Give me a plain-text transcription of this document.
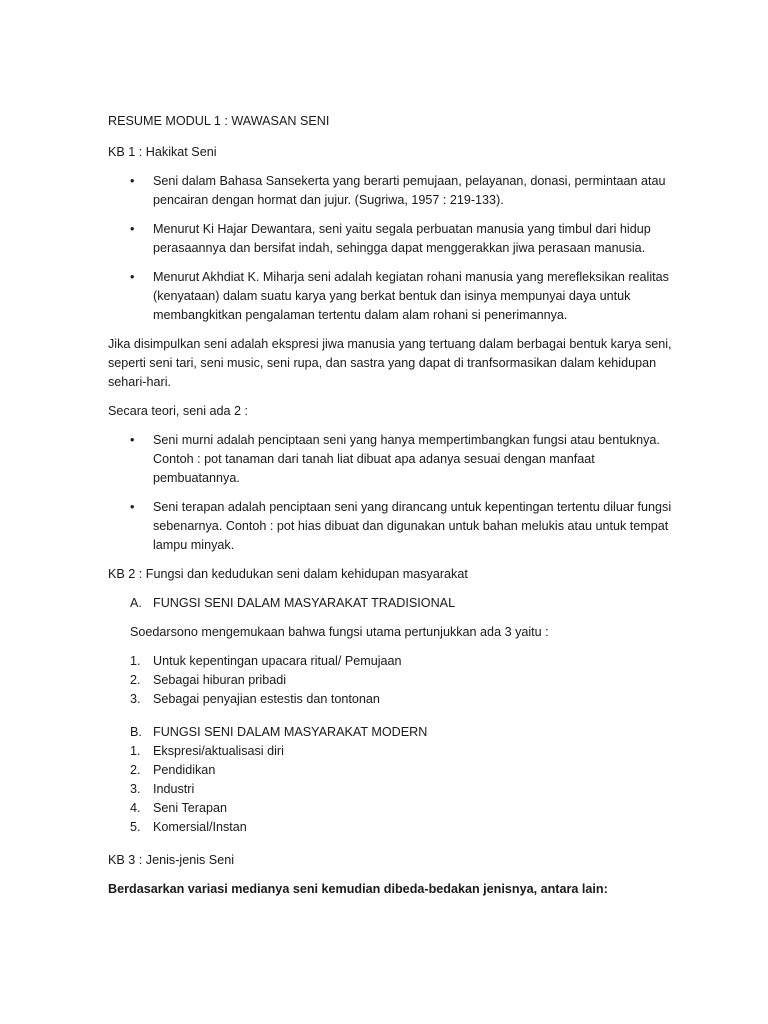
RESUME MODUL 1 : WAWASAN SENI

KB 1 : Hakikat Seni

• Seni dalam Bahasa Sansekerta yang berarti pemujaan, pelayanan, donasi, permintaan atau pencairan dengan hormat dan jujur. (Sugriwa, 1957 : 219-133).
• Menurut Ki Hajar Dewantara, seni yaitu segala perbuatan manusia yang timbul dari hidup perasaannya dan bersifat indah, sehingga dapat menggerakkan jiwa perasaan manusia.
• Menurut Akhdiat K. Miharja seni adalah kegiatan rohani manusia yang merefleksikan realitas (kenyataan) dalam suatu karya yang berkat bentuk dan isinya mempunyai daya untuk membangkitkan pengalaman tertentu dalam alam rohani si penerimannya.

Jika disimpulkan seni adalah ekspresi jiwa manusia yang tertuang dalam berbagai bentuk karya seni, seperti seni tari, seni music, seni rupa, dan sastra yang dapat di tranfsormasikan dalam kehidupan sehari-hari.

Secara teori, seni ada 2 :

• Seni murni adalah penciptaan seni yang hanya mempertimbangkan fungsi atau bentuknya. Contoh : pot tanaman dari tanah liat dibuat apa adanya sesuai dengan manfaat pembuatannya.
• Seni terapan adalah penciptaan seni yang dirancang untuk kepentingan tertentu diluar fungsi sebenarnya. Contoh : pot hias dibuat dan digunakan untuk bahan melukis atau untuk tempat lampu minyak.

KB 2 : Fungsi dan kedudukan seni dalam kehidupan masyarakat

A. FUNGSI SENI DALAM MASYARAKAT TRADISIONAL

Soedarsono mengemukaan bahwa fungsi utama pertunjukkan ada 3 yaitu :

1. Untuk kepentingan upacara ritual/ Pemujaan
2. Sebagai hiburan pribadi
3. Sebagai penyajian estestis dan tontonan
B. FUNGSI SENI DALAM MASYARAKAT MODERN
1. Ekspresi/aktualisasi diri
2. Pendidikan
3. Industri
4. Seni Terapan
5. Komersial/Instan

KB 3 : Jenis-jenis Seni

Berdasarkan variasi medianya seni kemudian dibeda-bedakan jenisnya, antara lain:
